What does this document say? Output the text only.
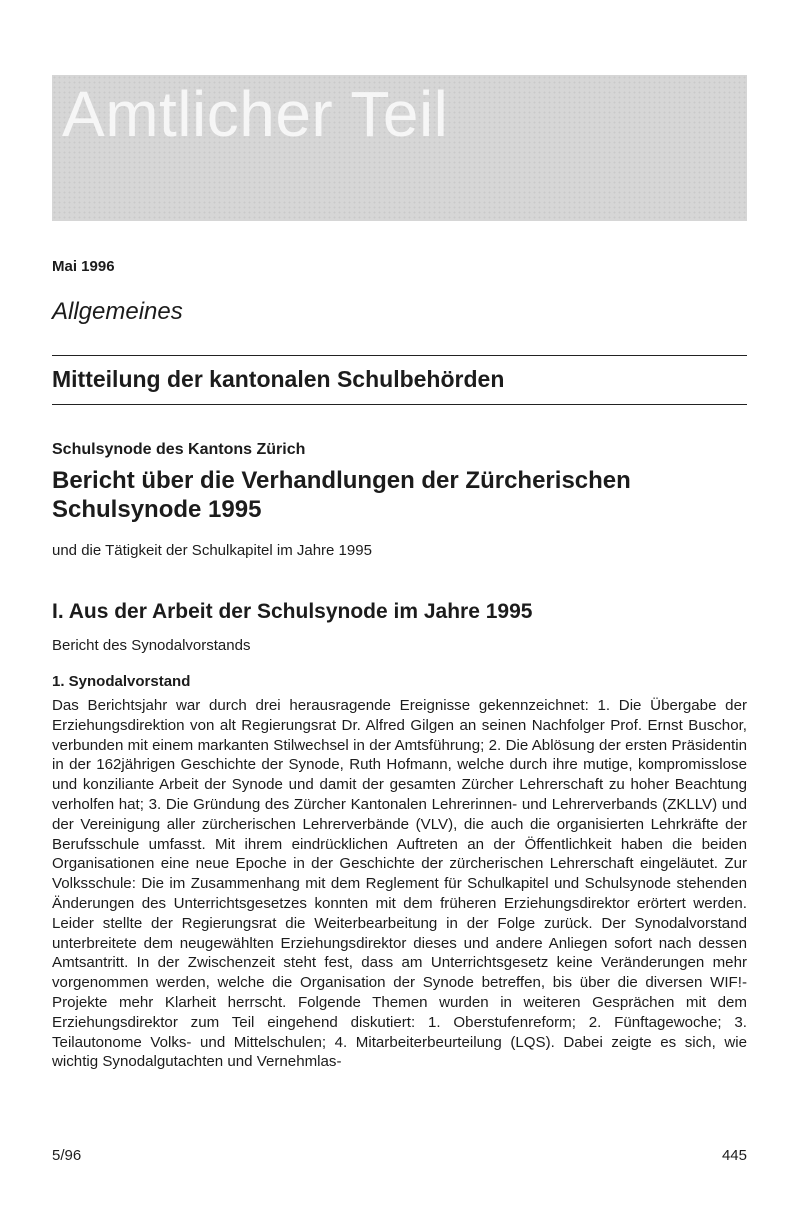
Amtlicher Teil
Mai 1996
Allgemeines
Mitteilung der kantonalen Schulbehörden
Schulsynode des Kantons Zürich
Bericht über die Verhandlungen der Zürcherischen Schulsynode 1995
und die Tätigkeit der Schulkapitel im Jahre 1995
I. Aus der Arbeit der Schulsynode im Jahre 1995
Bericht des Synodalvorstands
1. Synodalvorstand
Das Berichtsjahr war durch drei herausragende Ereignisse gekennzeichnet: 1. Die Übergabe der Erziehungsdirektion von alt Regierungsrat Dr. Alfred Gilgen an seinen Nachfolger Prof. Ernst Buschor, verbunden mit einem markanten Stilwechsel in der Amtsführung; 2. Die Ablösung der ersten Präsidentin in der 162jährigen Geschichte der Synode, Ruth Hofmann, welche durch ihre mutige, kompromisslose und konziliante Arbeit der Synode und damit der gesamten Zürcher Lehrerschaft zu hoher Beachtung verholfen hat; 3. Die Gründung des Zürcher Kantonalen Lehrerinnen- und Lehrerverbands (ZKLLV) und der Vereinigung aller zürcherischen Lehrerverbände (VLV), die auch die organisierten Lehrkräfte der Berufsschule umfasst. Mit ihrem eindrücklichen Auftreten an der Öffentlichkeit haben die beiden Organisationen eine neue Epoche in der Geschichte der zürcherischen Lehrerschaft eingeläutet. Zur Volksschule: Die im Zusammenhang mit dem Reglement für Schulkapitel und Schulsynode stehenden Änderungen des Unterrichtsgesetzes konnten mit dem früheren Erziehungsdirektor erörtert werden. Leider stellte der Regierungsrat die Weiterbearbeitung in der Folge zurück. Der Synodalvorstand unterbreitete dem neugewählten Erziehungsdirektor dieses und andere Anliegen sofort nach dessen Amtsantritt. In der Zwischenzeit steht fest, dass am Unterrichtsgesetz keine Veränderungen mehr vorgenommen werden, welche die Organisation der Synode betreffen, bis über die diversen WIF!-Projekte mehr Klarheit herrscht. Folgende Themen wurden in weiteren Gesprächen mit dem Erziehungsdirektor zum Teil eingehend diskutiert: 1. Oberstufenreform; 2. Fünftagewoche; 3. Teilautonome Volks- und Mittelschulen; 4. Mitarbeiterbeurteilung (LQS). Dabei zeigte es sich, wie wichtig Synodalgutachten und Vernehmlas-
5/96	445
